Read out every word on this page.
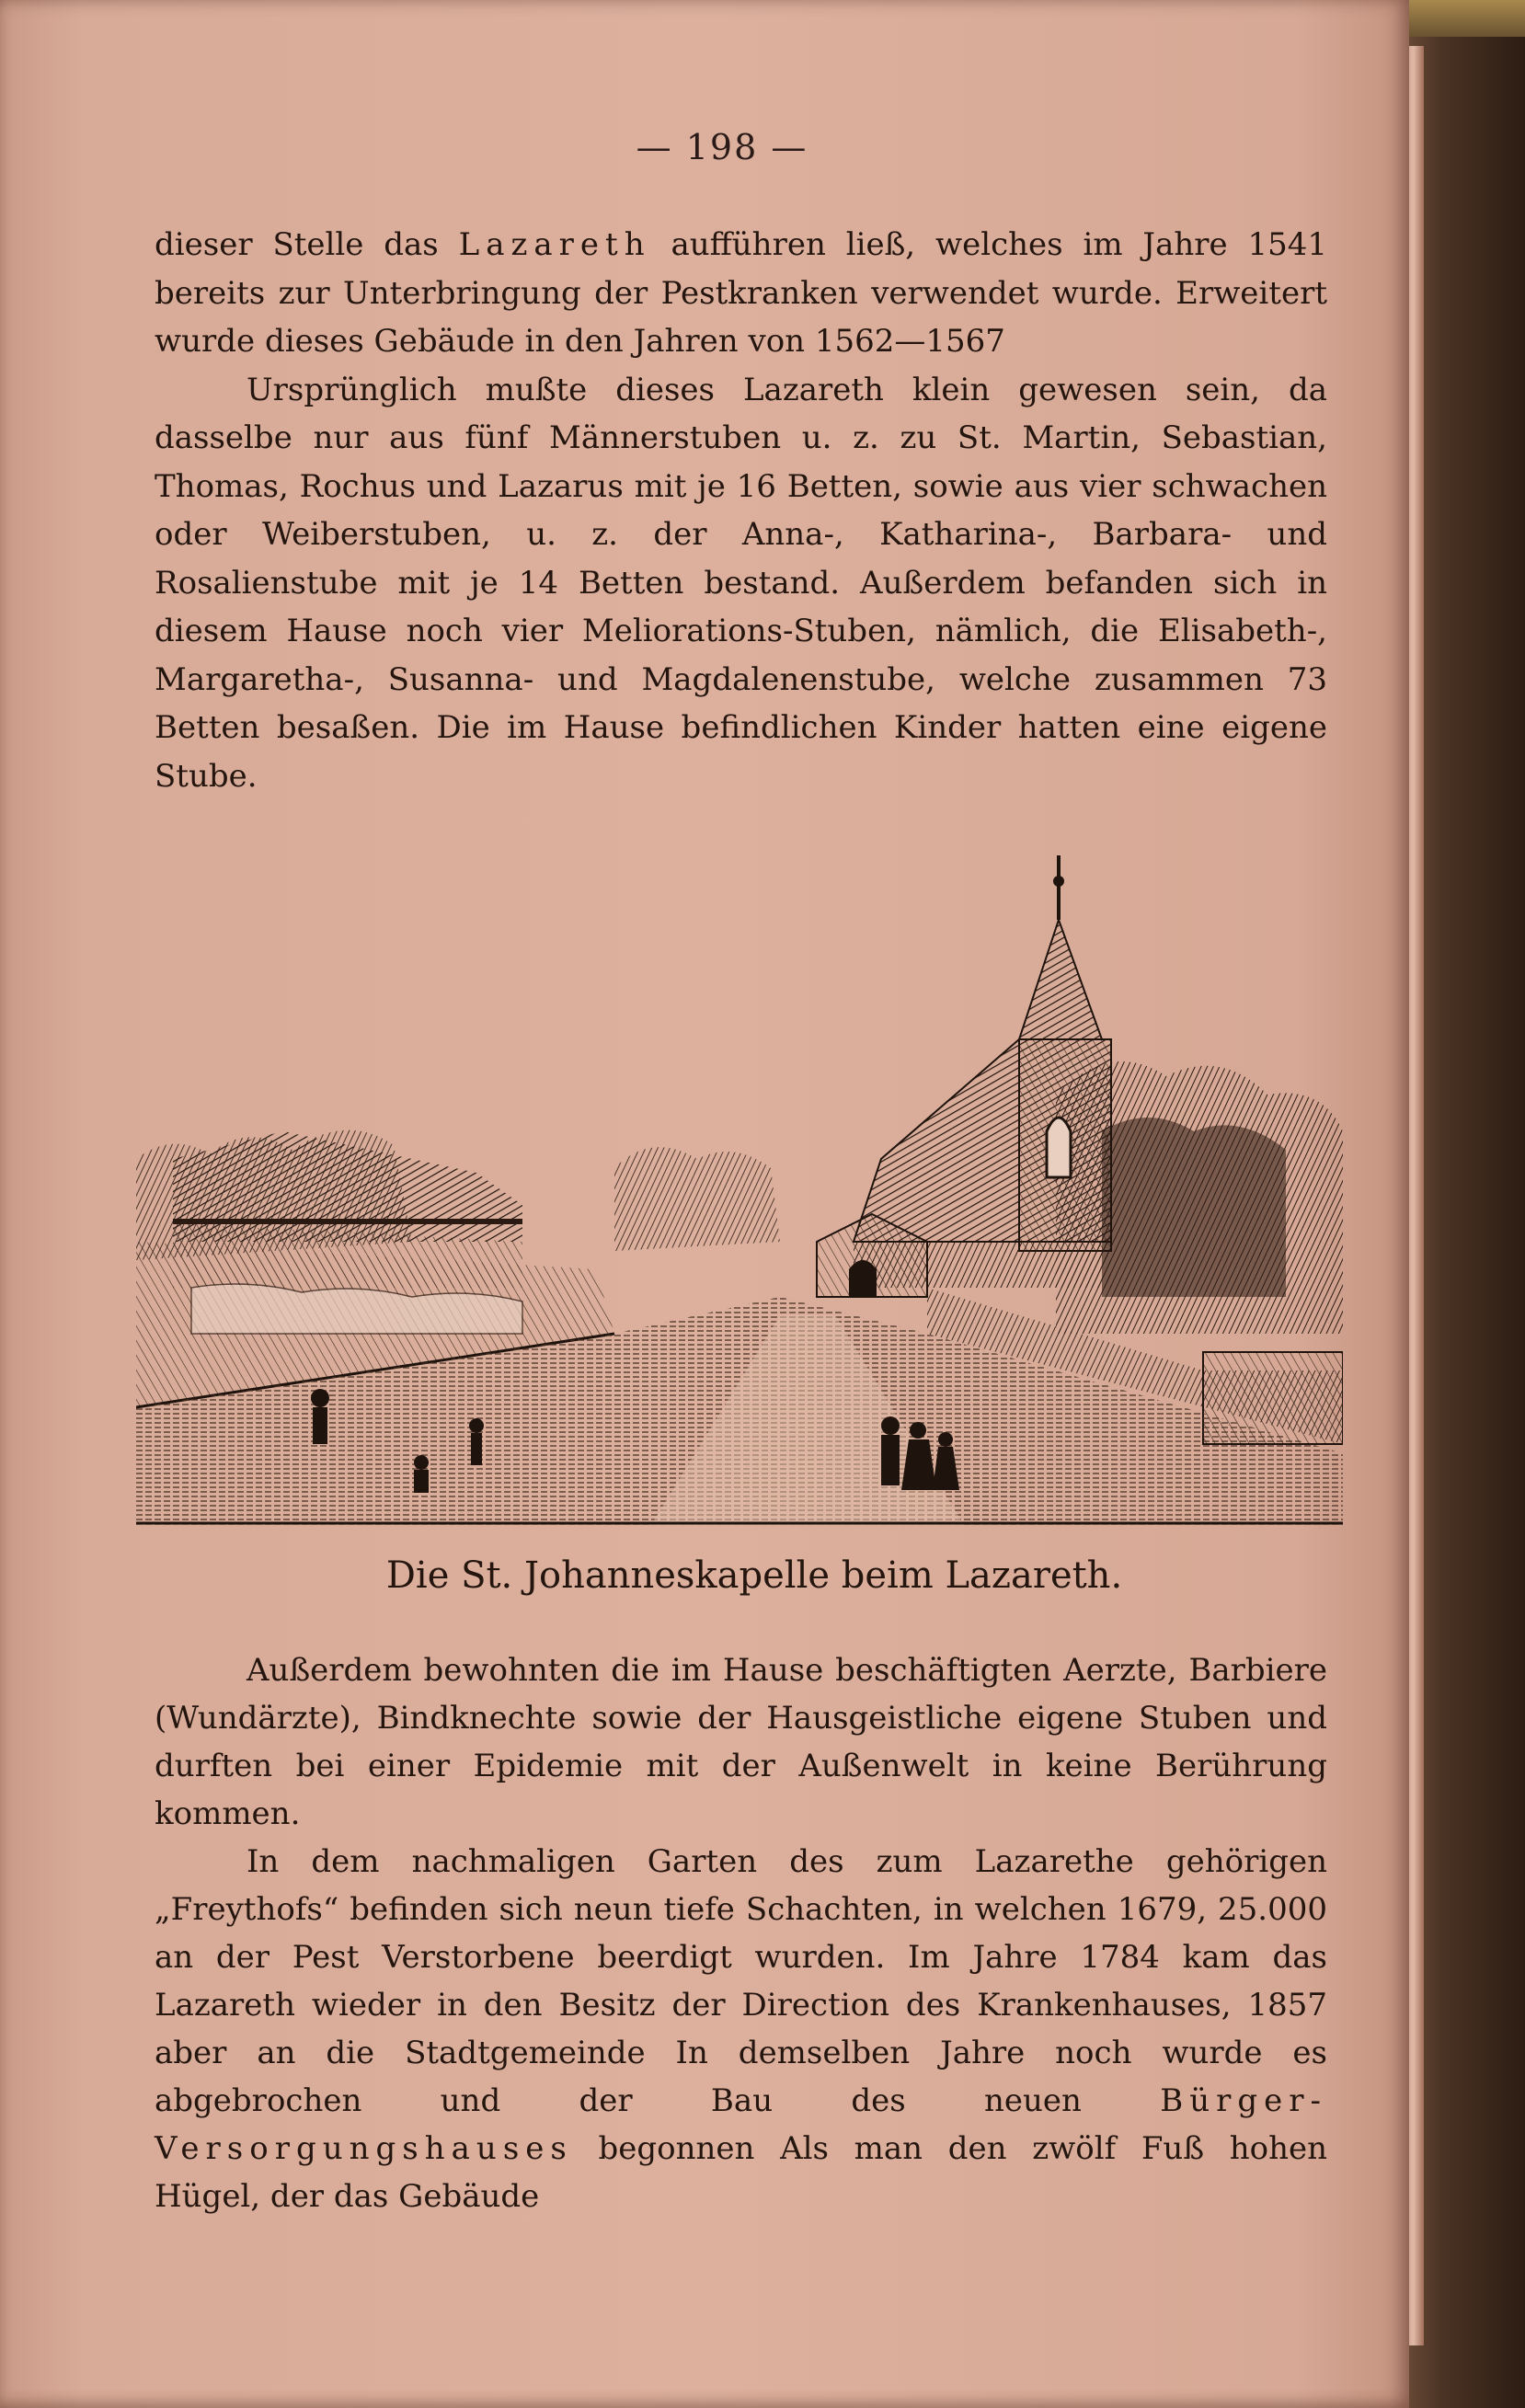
— 198 —

dieser Stelle das Lazareth aufführen ließ, welches im Jahre 1541 bereits zur Unterbringung der Pestkranken verwendet wurde. Erweitert wurde dieses Gebäude in den Jahren von 1562—1567

Ursprünglich mußte dieses Lazareth klein gewesen sein, da dasselbe nur aus fünf Männerstuben u. z. zu St. Martin, Sebastian, Thomas, Rochus und Lazarus mit je 16 Betten, sowie aus vier schwachen oder Weiberstuben, u. z. der Anna-, Katharina-, Barbara- und Rosalienstube mit je 14 Betten bestand. Außerdem befanden sich in diesem Hause noch vier Meliorations-Stuben, nämlich, die Elisabeth-, Margaretha-, Susanna- und Magdalenenstube, welche zusammen 73 Betten besaßen. Die im Hause befindlichen Kinder hatten eine eigene Stube.

Die St. Johanneskapelle beim Lazareth.

Außerdem bewohnten die im Hause beschäftigten Aerzte, Barbiere (Wundärzte), Bindknechte sowie der Hausgeistliche eigene Stuben und durften bei einer Epidemie mit der Außenwelt in keine Berührung kommen.

In dem nachmaligen Garten des zum Lazarethe gehörigen „Freythofs“ befinden sich neun tiefe Schachten, in welchen 1679, 25.000 an der Pest Verstorbene beerdigt wurden. Im Jahre 1784 kam das Lazareth wieder in den Besitz der Direction des Krankenhauses, 1857 aber an die Stadtgemeinde In demselben Jahre noch wurde es abgebrochen und der Bau des neuen Bürger-Versorgungshauses begonnen Als man den zwölf Fuß hohen Hügel, der das Gebäude
